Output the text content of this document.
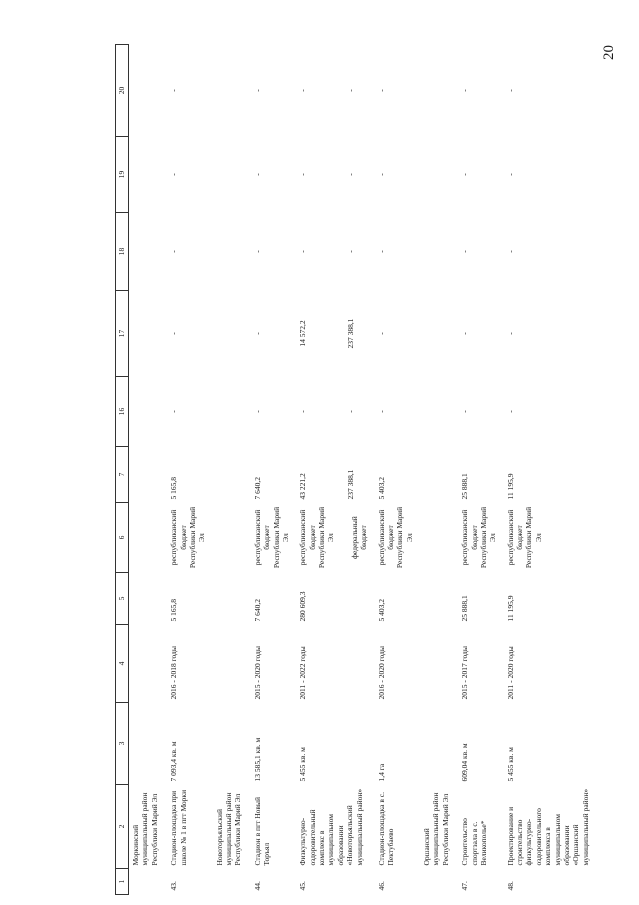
20
1	2	3	4	5	6	7	16	17	18	19	20
	Моркинский муниципальный район Республики Марий Эл										
43.	Стадион-площадка при школе № 1 в пгт Морки	7 093,4 кв. м	2016 - 2018 годы	5 165,8	республиканский бюджет Республики Марий Эл	5 165,8	-	-	-	-	-
	Новоторъяльский муниципальный район Республики Марий Эл										
44.	Стадион в пгт Новый Торъял	13 585,1 кв. м	2015 - 2020 годы	7 640,2	республиканский бюджет Республики Марий Эл	7 640,2	-	-	-	-	-
45.	Физкультурно-оздоровительный комплекс в муниципальном образовании «Новоторъяльский муниципальный район»	5 455 кв. м	2011 - 2022 годы	280 609,3	республиканский бюджет Республики Марий Эл федеральный бюджет	43 221,2 237 388,1	- -	14 572,2 237 388,1	- -	- -	- -
46.	Стадион-площадка в с. Пектубаево	1,4 га	2016 - 2020 годы	5 403,2	республиканский бюджет Республики Марий Эл	5 403,2	-	-	-	-	-
	Оршанский муниципальный район Республики Марий Эл										
47.	Строительство спортзала в с. Великополье*	609,04 кв. м	2015 - 2017 годы	25 888,1	республиканский бюджет Республики Марий Эл	25 888,1	-	-	-	-	-
48.	Проектирование и строительство физкультурно-оздоровительного комплекса в муниципальном образовании «Оршанский муниципальный район»	5 455 кв. м	2011 - 2020 годы	11 195,9	республиканский бюджет Республики Марий Эл	11 195,9	-	-	-	-	-
